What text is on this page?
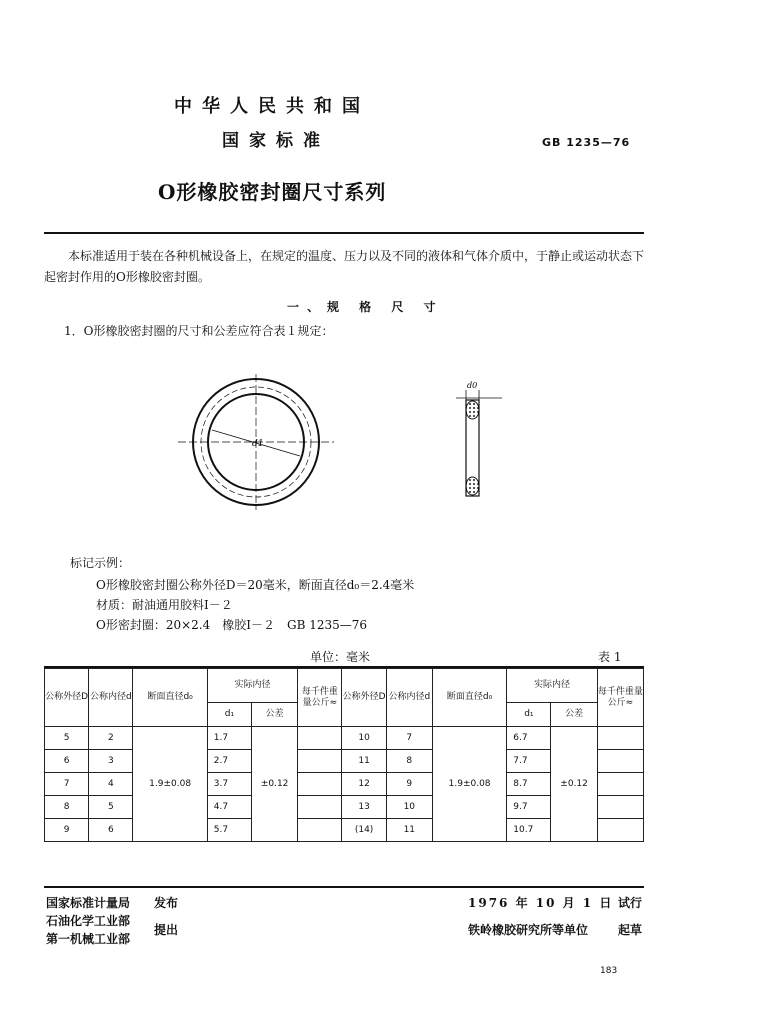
中华人民共和国
国家标准	GB 1235—76
O形橡胶密封圈尺寸系列
本标准适用于装在各种机械设备上，在规定的温度、压力以及不同的液体和气体介质中，于静止或运动状态下起密封作用的O形橡胶密封圈。
一、规 格 尺 寸
1．O形橡胶密封圈的尺寸和公差应符合表１规定：
d1
d0
标记示例：
O形橡胶密封圈公称外径D＝20毫米，断面直径d₀＝2.4毫米
材质：耐油通用胶料Ⅰ－２
O形密封圈：20×2.4　橡胶Ⅰ－２　GB 1235—76
单位：毫米	表 1
公称外径D	公称内径d	断面直径d₀	实际内径		每千件重量公斤≈	公称外径D	公称内径d	断面直径d₀	实际内径		每千件重量公斤≈
			d₁	公差					d₁	公差	
5	2	1.9±0.08	1.7	±0.12		10	7	1.9±0.08	6.7	±0.12	
6	3		2.7			11	8		7.7		
7	4		3.7			12	9		8.7		
8	5		4.7			13	10		9.7		
9	6		5.7			(14)	11		10.7		
国家标准计量局 发布
石油化学工业部
第一机械工业部
提出
1976 年 10 月 1 日 试行
铁岭橡胶研究所等单位 起草
183
